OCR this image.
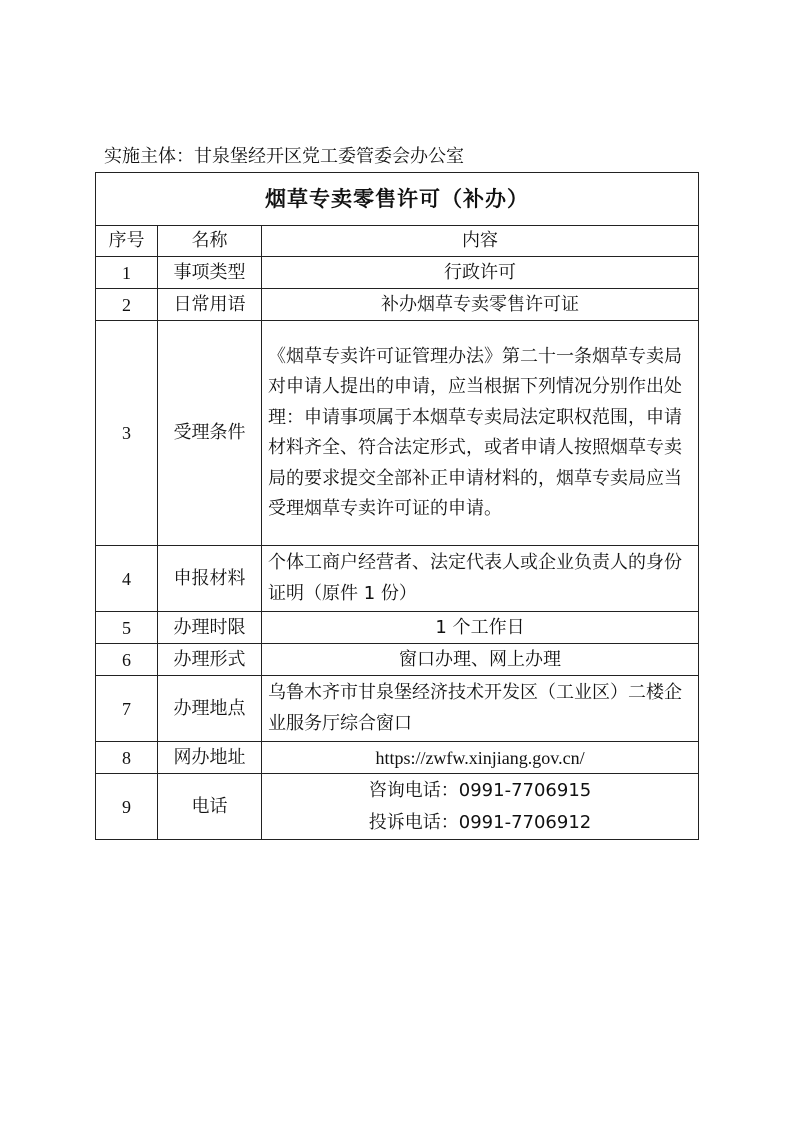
实施主体：甘泉堡经开区党工委管委会办公室
烟草专卖零售许可（补办）		
序号	名称	内容
1	事项类型	行政许可
2	日常用语	补办烟草专卖零售许可证
3	受理条件	《烟草专卖许可证管理办法》第二十一条烟草专卖局对申请人提出的申请，应当根据下列情况分别作出处理：申请事项属于本烟草专卖局法定职权范围，申请材料齐全、符合法定形式，或者申请人按照烟草专卖局的要求提交全部补正申请材料的，烟草专卖局应当受理烟草专卖许可证的申请。
4	申报材料	个体工商户经营者、法定代表人或企业负责人的身份证明（原件 1 份）
5	办理时限	1 个工作日
6	办理形式	窗口办理、网上办理
7	办理地点	乌鲁木齐市甘泉堡经济技术开发区（工业区）二楼企业服务厅综合窗口
8	网办地址	https://zwfw.xinjiang.gov.cn/
9	电话	咨询电话：0991-7706915
投诉电话：0991-7706912
